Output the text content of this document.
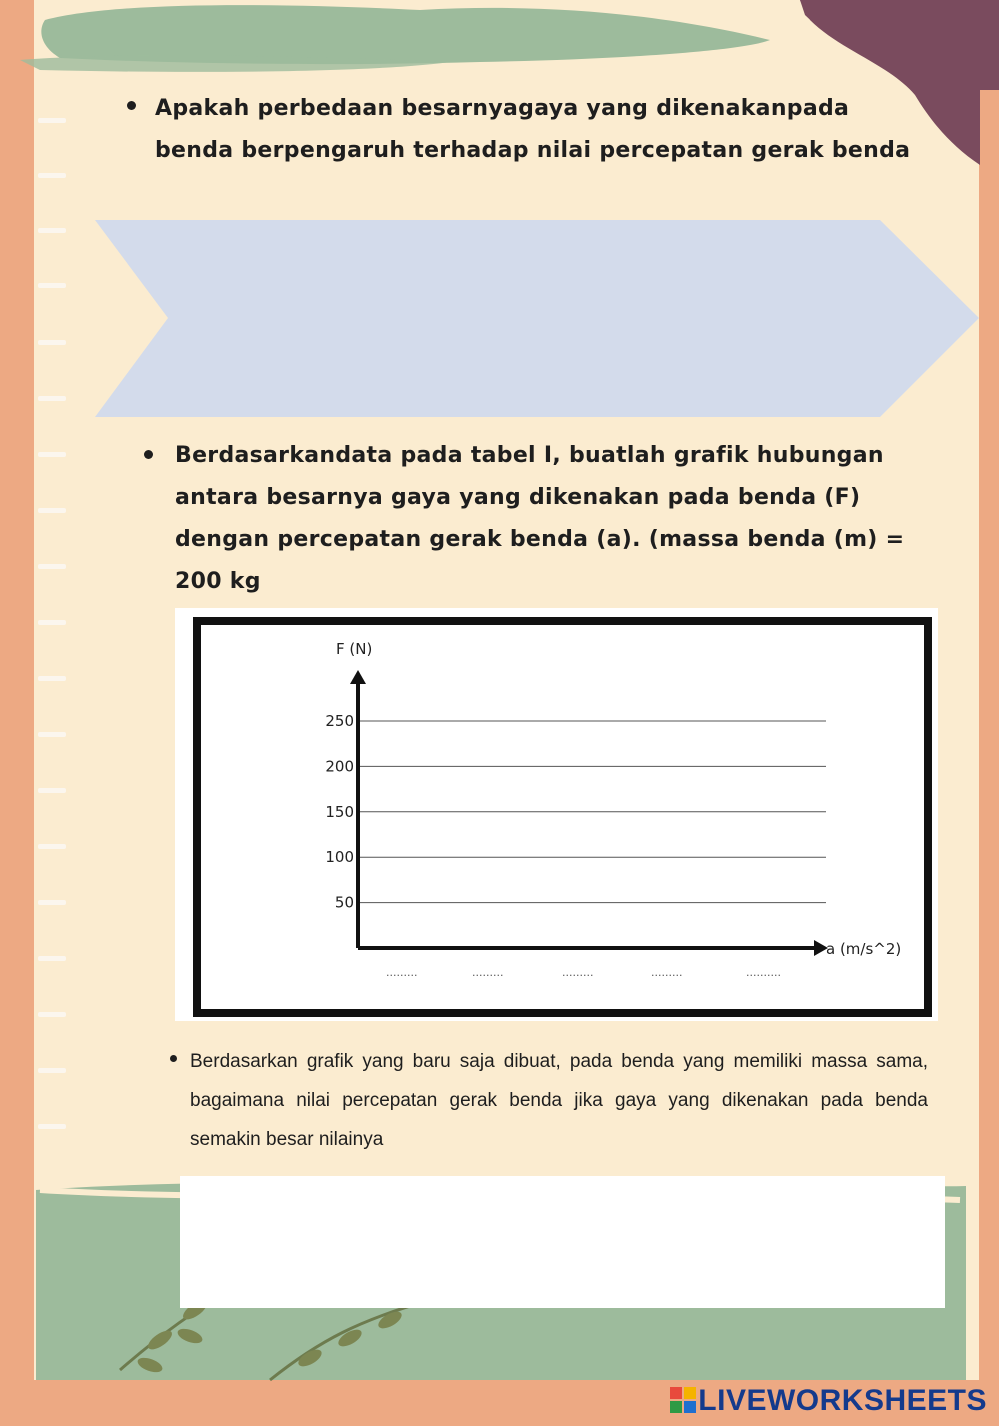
Apakah perbedaan besarnyagaya yang dikenakanpada benda berpengaruh terhadap nilai percepatan gerak benda
Berdasarkandata pada tabel I, buatlah grafik hubungan antara besarnya gaya yang dikenakan pada benda (F) dengan percepatan gerak benda (a). (massa benda (m) = 200 kg
F (N)
250
200
150
100
50
a (m/s^2)
.........	.........	.........	.........	..........
Berdasarkan grafik yang baru saja dibuat, pada benda yang memiliki massa sama, bagaimana nilai percepatan gerak benda jika gaya yang dikenakan pada benda semakin besar nilainya
LIVEWORKSHEETS
